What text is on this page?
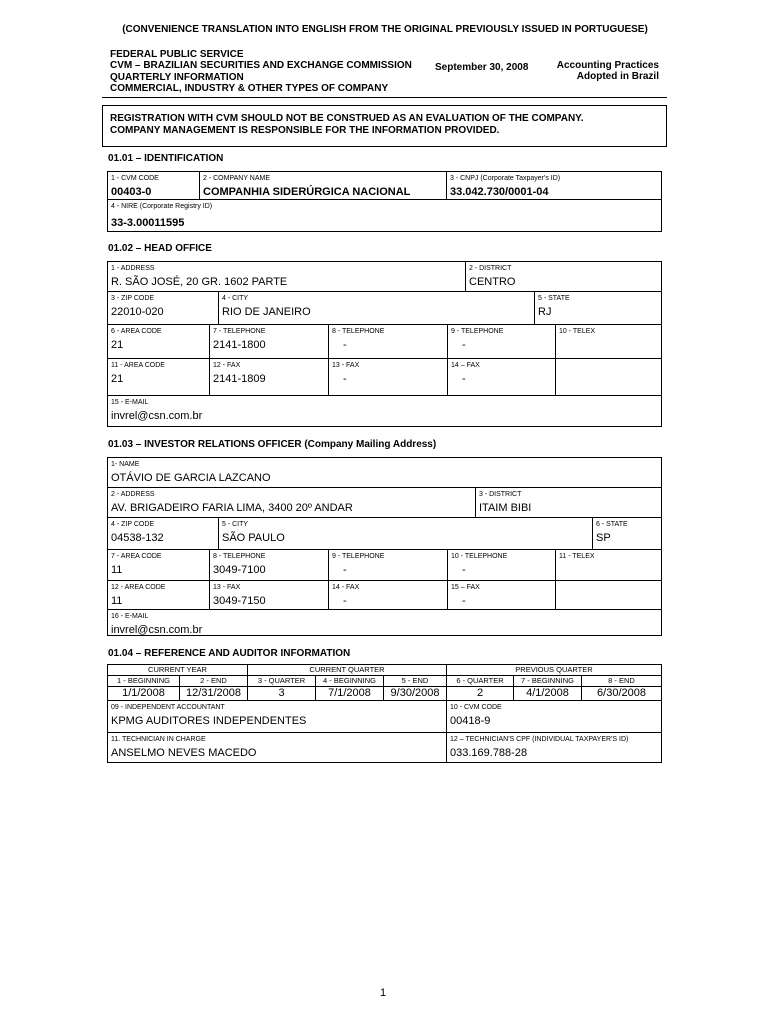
(CONVENIENCE TRANSLATION INTO ENGLISH FROM THE ORIGINAL PREVIOUSLY ISSUED IN PORTUGUESE)
FEDERAL PUBLIC SERVICE
CVM – BRAZILIAN SECURITIES AND EXCHANGE COMMISSION
QUARTERLY INFORMATION
COMMERCIAL, INDUSTRY & OTHER TYPES OF COMPANY
September 30, 2008	Accounting Practices
Adopted in Brazil
REGISTRATION WITH CVM SHOULD NOT BE CONSTRUED AS AN EVALUATION OF THE COMPANY.
COMPANY MANAGEMENT IS RESPONSIBLE FOR THE INFORMATION PROVIDED.
01.01 – IDENTIFICATION
1 - CVM CODE
00403-0
2 - COMPANY NAME
COMPANHIA SIDERÚRGICA NACIONAL
3 - CNPJ (Corporate Taxpayer's ID)
33.042.730/0001-04
4 - NIRE (Corporate Registry ID)
33-3.00011595
01.02 – HEAD OFFICE
01.03 – INVESTOR RELATIONS OFFICER (Company Mailing Address)
01.04 – REFERENCE AND AUDITOR INFORMATION
1
1 - ADDRESS
R. SÃO JOSÉ, 20 GR. 1602 PARTE
2 - DISTRICT
CENTRO
3 - ZIP CODE
22010-020
4 - CITY
RIO DE JANEIRO
5 - STATE
RJ
6 - AREA CODE
21
7 - TELEPHONE
2141-1800
8 - TELEPHONE
-
9 - TELEPHONE
-
10 - TELEX
11 - AREA CODE
21
12 - FAX
2141-1809
13 - FAX
-
14 – FAX
-
15 - E-MAIL
invrel@csn.com.br
1- NAME
OTÁVIO DE GARCIA LAZCANO
2 - ADDRESS
AV. BRIGADEIRO FARIA LIMA, 3400 20º ANDAR
3 - DISTRICT
ITAIM BIBI
4 - ZIP CODE
04538-132
5 - CITY
SÃO PAULO
6 - STATE
SP
7 - AREA CODE
11
8 - TELEPHONE
3049-7100
9 - TELEPHONE
-
10 - TELEPHONE
-
11 - TELEX
12 - AREA CODE
11
13 - FAX
3049-7150
14 - FAX
-
15 – FAX
-
16 - E-MAIL
invrel@csn.com.br
CURRENT YEAR	CURRENT QUARTER	PREVIOUS QUARTER
1 - BEGINNING
1/1/2008
2 - END
12/31/2008
3 - QUARTER
3
4 - BEGINNING
7/1/2008
5 - END
9/30/2008
6 - QUARTER
2
7 - BEGINNING
4/1/2008
8 - END
6/30/2008
09 - INDEPENDENT ACCOUNTANT
KPMG AUDITORES INDEPENDENTES
10 - CVM CODE
00418-9
11. TECHNICIAN IN CHARGE
ANSELMO NEVES MACEDO
12 – TECHNICIAN'S CPF (INDIVIDUAL TAXPAYER'S ID)
033.169.788-28
